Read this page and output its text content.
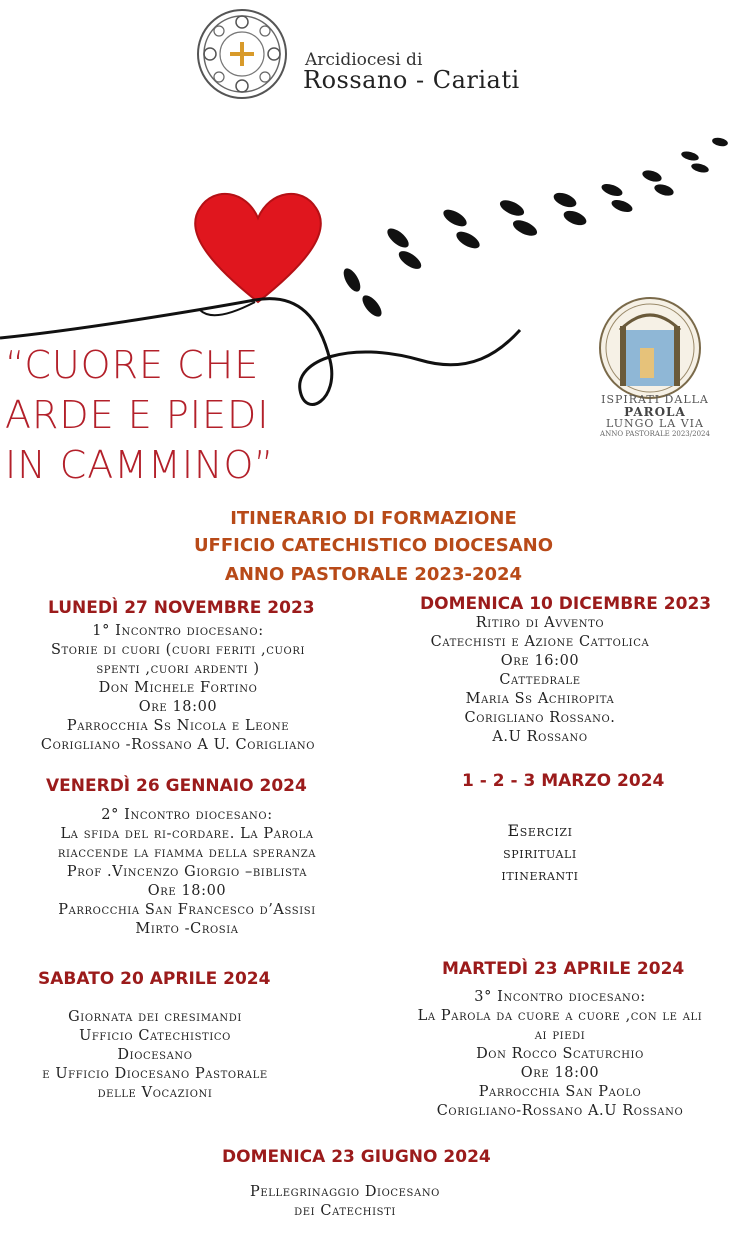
Arcidiocesi di
Rossano - Cariati
“CUORE CHE
ARDE E PIEDI
IN CAMMINO”
ISPIRATI DALLA
PAROLA
LUNGO LA VIA
ANNO PASTORALE 2023/2024
ITINERARIO DI FORMAZIONE
UFFICIO CATECHISTICO DIOCESANO
ANNO PASTORALE 2023-2024
LUNEDÌ 27 NOVEMBRE 2023
1° Incontro diocesano:
Storie di cuori (cuori feriti ,cuori
spenti ,cuori ardenti )
Don Michele Fortino
Ore 18:00
Parrocchia Ss Nicola e Leone
Corigliano -Rossano A U. Corigliano
DOMENICA 10 DICEMBRE 2023
Ritiro di Avvento
Catechisti e Azione Cattolica
Ore 16:00
Cattedrale
Maria Ss Achiropita
Corigliano Rossano.
A.U Rossano
VENERDÌ 26 GENNAIO 2024
2° Incontro diocesano:
La sfida del ri-cordare. La Parola
riaccende la fiamma della speranza
Prof .Vincenzo Giorgio –biblista
Ore 18:00
Parrocchia San Francesco d’Assisi
Mirto -Crosia
1 - 2 - 3 MARZO 2024
Esercizi
spirituali
itineranti
SABATO 20 APRILE 2024
Giornata dei cresimandi
Ufficio Catechistico
Diocesano
e Ufficio Diocesano Pastorale
delle Vocazioni
MARTEDÌ 23 APRILE 2024
3° Incontro diocesano:
La Parola da cuore a cuore ,con le ali
ai piedi
Don Rocco Scaturchio
Ore 18:00
Parrocchia San Paolo
Corigliano-Rossano A.U Rossano
DOMENICA 23 GIUGNO 2024
Pellegrinaggio Diocesano
dei Catechisti
